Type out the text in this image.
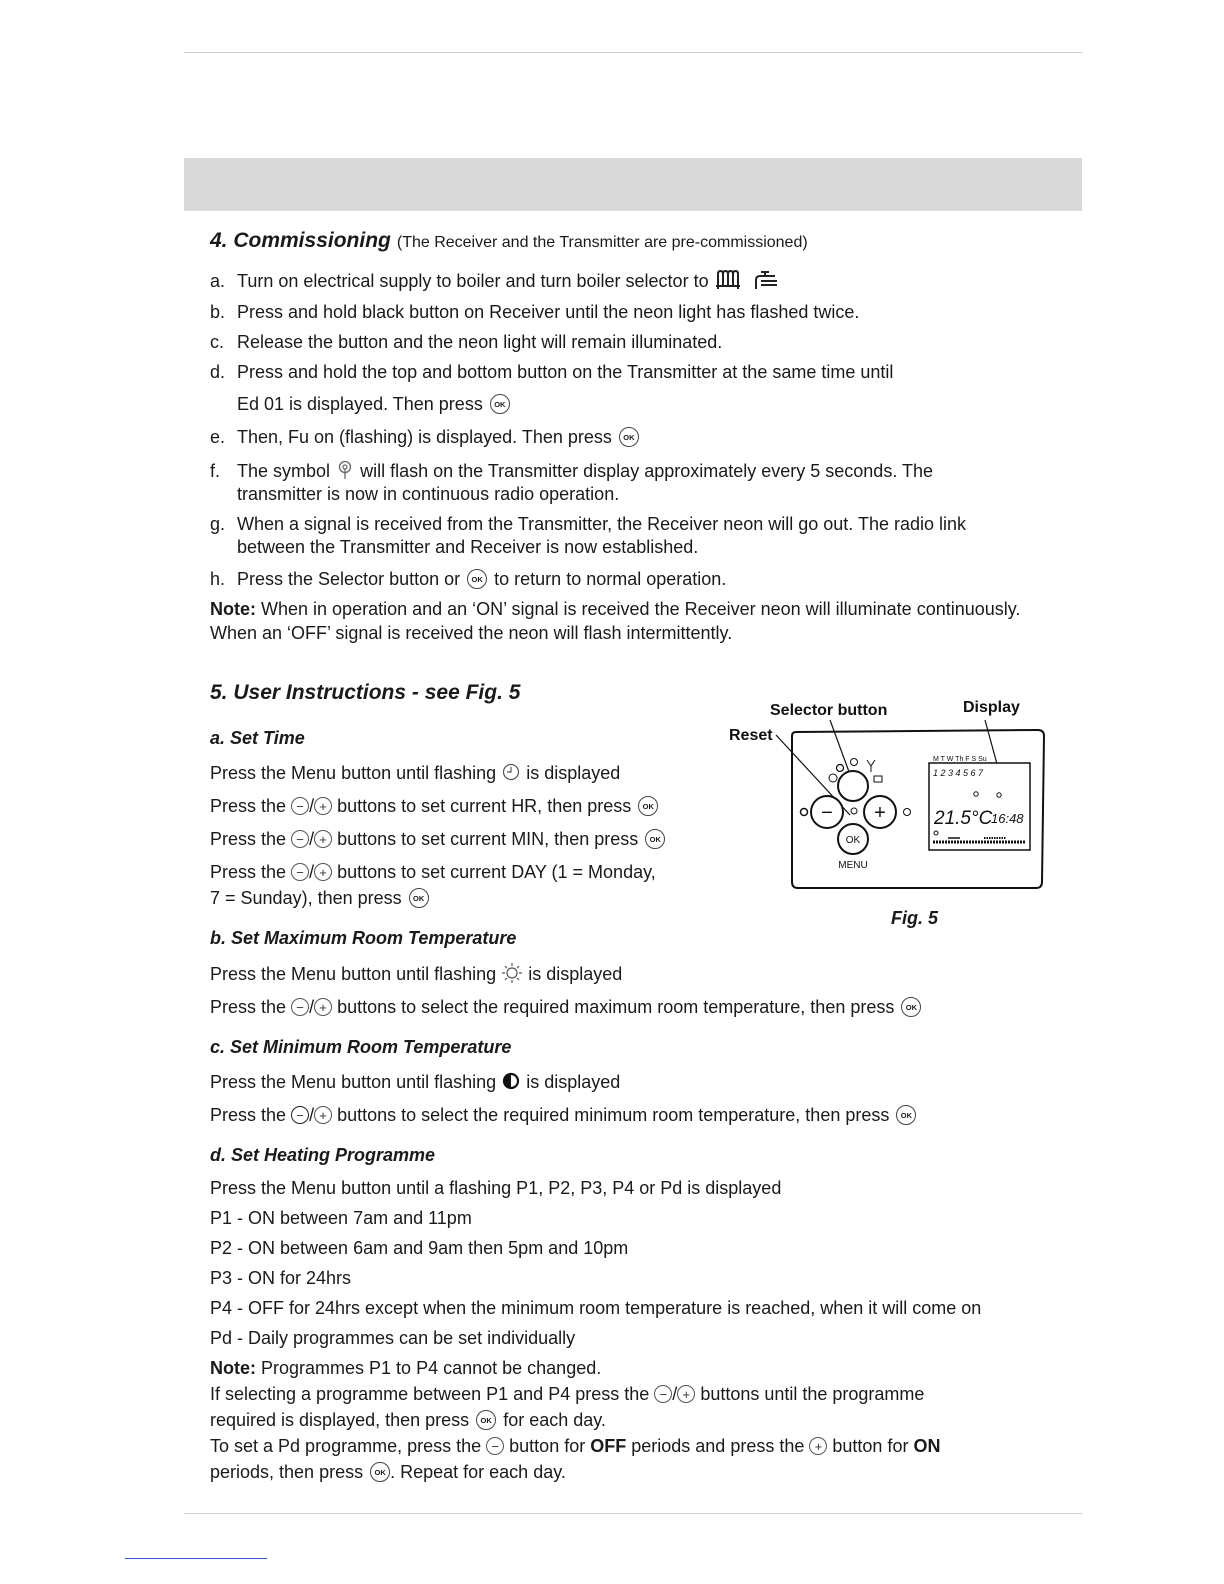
4. Commissioning (The Receiver and the Transmitter are pre-commissioned)
a. Turn on electrical supply to boiler and turn boiler selector to
b. Press and hold black button on Receiver until the neon light has flashed twice.
c. Release the button and the neon light will remain illuminated.
d. Press and hold the top and bottom button on the Transmitter at the same time until
Ed 01 is displayed. Then press OK
e. Then, Fu on (flashing) is displayed. Then press OK
f. The symbol will flash on the Transmitter display approximately every 5 seconds. The
transmitter is now in continuous radio operation.
g. When a signal is received from the Transmitter, the Receiver neon will go out. The radio link
between the Transmitter and Receiver is now established.
h. Press the Selector button or OK to return to normal operation.
Note: When in operation and an ‘ON’ signal is received the Receiver neon will illuminate continuously.
When an ‘OFF’ signal is received the neon will flash intermittently.
5. User Instructions - see Fig. 5
a. Set Time
Press the Menu button until flashing is displayed
Press the − / + buttons to set current HR, then press OK
Press the − / + buttons to set current MIN, then press OK
Press the − / + buttons to set current DAY (1 = Monday,
7 = Sunday), then press OK
b. Set Maximum Room Temperature
Press the Menu button until flashing is displayed
Press the − / + buttons to select the required maximum room temperature, then press OK
c. Set Minimum Room Temperature
Press the Menu button until flashing is displayed
Press the − / + buttons to select the required minimum room temperature, then press OK
d. Set Heating Programme
Press the Menu button until a flashing P1, P2, P3, P4 or Pd is displayed
P1 - ON between 7am and 11pm
P2 - ON between 6am and 9am then 5pm and 10pm
P3 - ON for 24hrs
P4 - OFF for 24hrs except when the minimum room temperature is reached, when it will come on
Pd - Daily programmes can be set individually
Note: Programmes P1 to P4 cannot be changed.
If selecting a programme between P1 and P4 press the − / + buttons until the programme
required is displayed, then press OK for each day.
To set a Pd programme, press the − button for OFF periods and press the + button for ON
periods, then press OK . Repeat for each day.
Selector button	Display
Reset
− +
OK
MENU
M T W Th F S Su
1 2 3 4 5 6 7
21.5°C
16:48
Fig. 5
